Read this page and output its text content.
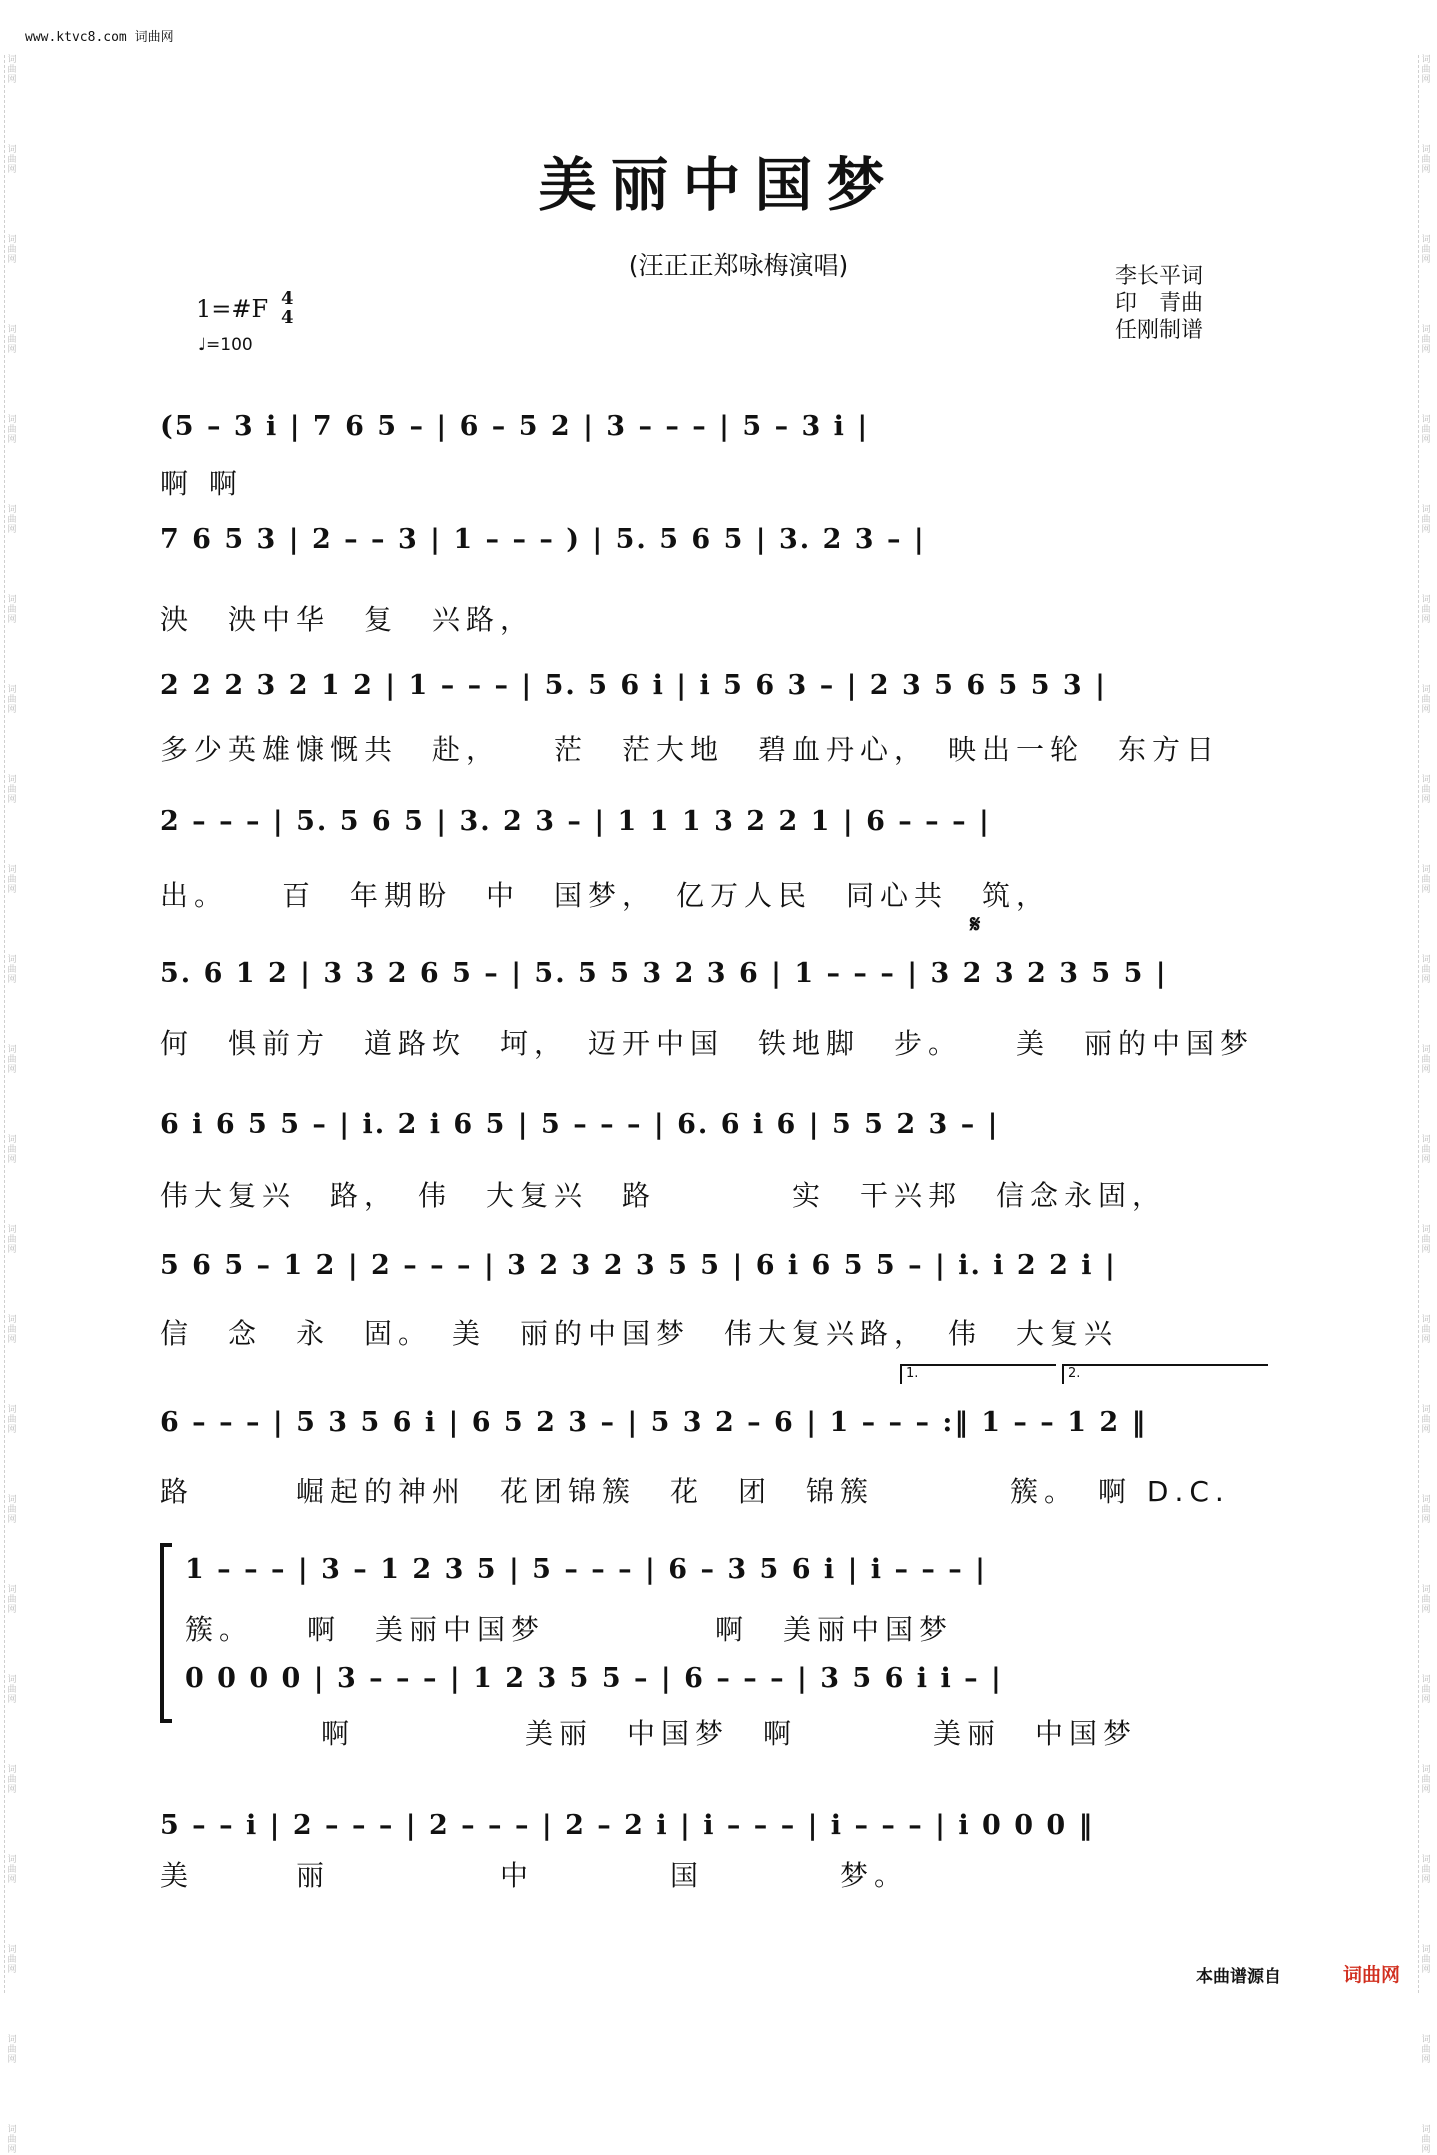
www.ktvc8.com 词曲网
词曲网
词曲网
词曲网
词曲网
词曲网
词曲网
词曲网
词曲网
词曲网
词曲网
词曲网
词曲网
词曲网
词曲网
词曲网
词曲网
词曲网
词曲网
词曲网
词曲网
词曲网
词曲网
词曲网
词曲网
词曲网
词曲网
词曲网
词曲网
词曲网
词曲网
词曲网
词曲网
词曲网
词曲网
词曲网
词曲网
词曲网
词曲网
词曲网
词曲网
词曲网
词曲网
词曲网
词曲网
词曲网
词曲网
词曲网
词曲网
美丽中国梦
(汪正正郑咏梅演唱)	李长平词
印　青曲
任刚制谱
1=#F 4
4
♩=100
𝄋
(5 – 3 i | 7 6 5 – | 6 – 5 2 | 3 – – – | 5 – 3 i |
啊 啊
7 6 5 3 | 2 – – 3 | 1 – – – ) | 5. 5 6 5 | 3. 2 3 – |
泱　泱中华　复　兴路，
2 2 2 3 2 1 2 | 1 – – – | 5. 5 6 i | i 5 6 3 – | 2 3 5 6 5 5 3 |
多少英雄慷慨共　赴，　　茫　茫大地　碧血丹心，　映出一轮　东方日
2 – – – | 5. 5 6 5 | 3. 2 3 – | 1 1 1 3 2 2 1 | 6 – – – |
出。　　百　年期盼　中　国梦，　亿万人民　同心共　筑，
5. 6 1 2 | 3 3 2 6 5 – | 5. 5 5 3 2 3 6 | 1 – – – | 3 2 3 2 3 5 5 |
何　惧前方　道路坎　坷，　迈开中国　铁地脚　步。　　美　丽的中国梦
6 i 6 5 5 – | i. 2 i 6 5 | 5 – – – | 6. 6 i 6 | 5 5 2 3 – |
伟大复兴　路，　伟　大复兴　路　　　　实　干兴邦　信念永固，
5 6 5 – 1 2 | 2 – – – | 3 2 3 2 3 5 5 | 6 i 6 5 5 – | i. i 2 2 i |
信　念　永　固。　美　丽的中国梦　伟大复兴路，　伟　大复兴
1.	2.
6 – – – | 5 3 5 6 i | 6 5 2 3 – | 5 3 2 – 6 | 1 – – – :‖ 1 – – 1 2 ‖
路　　　崛起的神州　花团锦簇　花　团　锦簇　　　　簇。　啊 D.C.
1 – – – | 3 – 1 2 3 5 | 5 – – – | 6 – 3 5 6 i | i – – – |
簇。　　啊　美丽中国梦　　　　　啊　美丽中国梦
0 0 0 0 | 3 – – – | 1 2 3 5 5 – | 6 – – – | 3 5 6 i i – |
　　　　啊　　　　　美丽　中国梦　啊　　　　美丽　中国梦
5 – – i | 2 – – – | 2 – – – | 2 – 2 i | i – – – | i – – – | i 0 0 0 ‖
美　　　丽　　　　　中　　　　国　　　　梦。
本曲谱源自	词曲网
